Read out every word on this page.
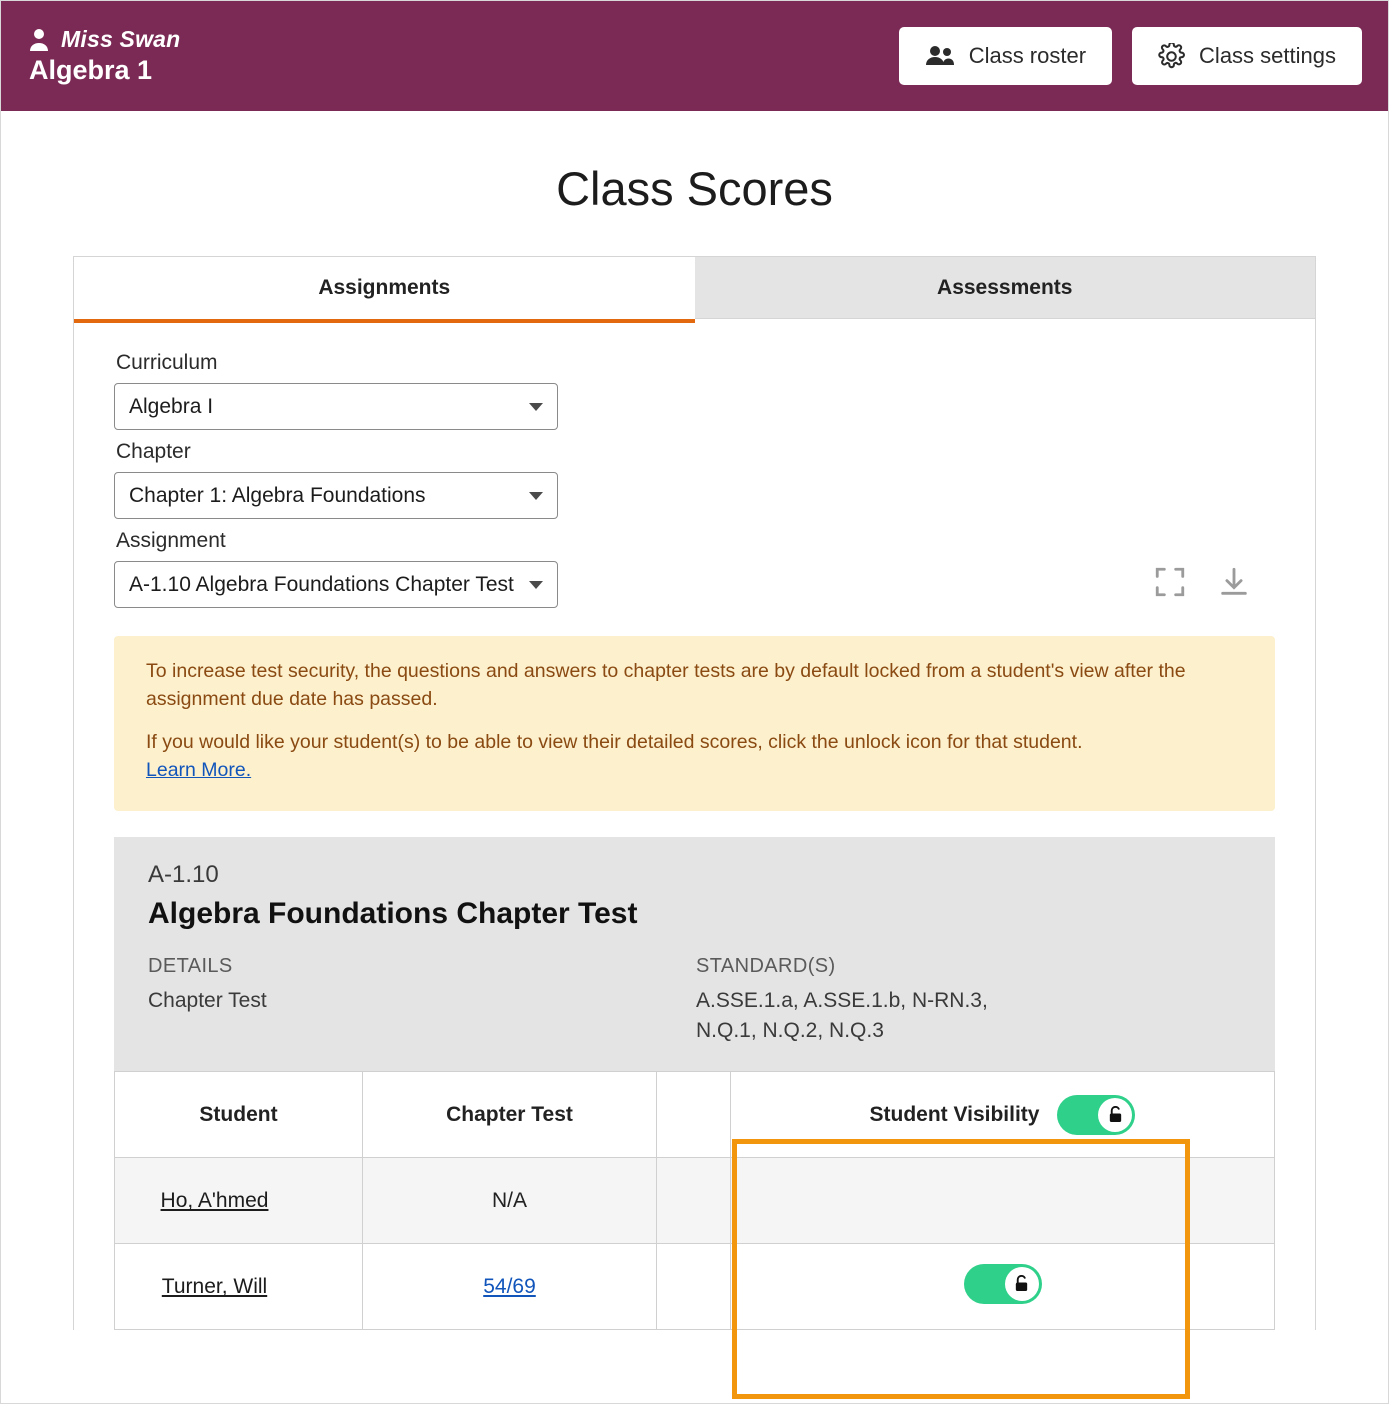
Miss Swan
Algebra 1	Class roster	Class settings
Class Scores
Assignments	Assessments
Curriculum
Algebra I
Chapter
Chapter 1: Algebra Foundations
Assignment
A-1.10 Algebra Foundations Chapter Test

To increase test security, the questions and answers to chapter tests are by default locked from a student's view after the assignment due date has passed.

If you would like your student(s) to be able to view their detailed scores, click the unlock icon for that student.
Learn More.

A-1.10
Algebra Foundations Chapter Test
DETAILS
Chapter Test
STANDARD(S)
A.SSE.1.a, A.SSE.1.b, N-RN.3, N.Q.1, N.Q.2, N.Q.3
Student	Chapter Test		Student Visibility

Ho, A'hmed	N/A		
Turner, Will	54/69		
